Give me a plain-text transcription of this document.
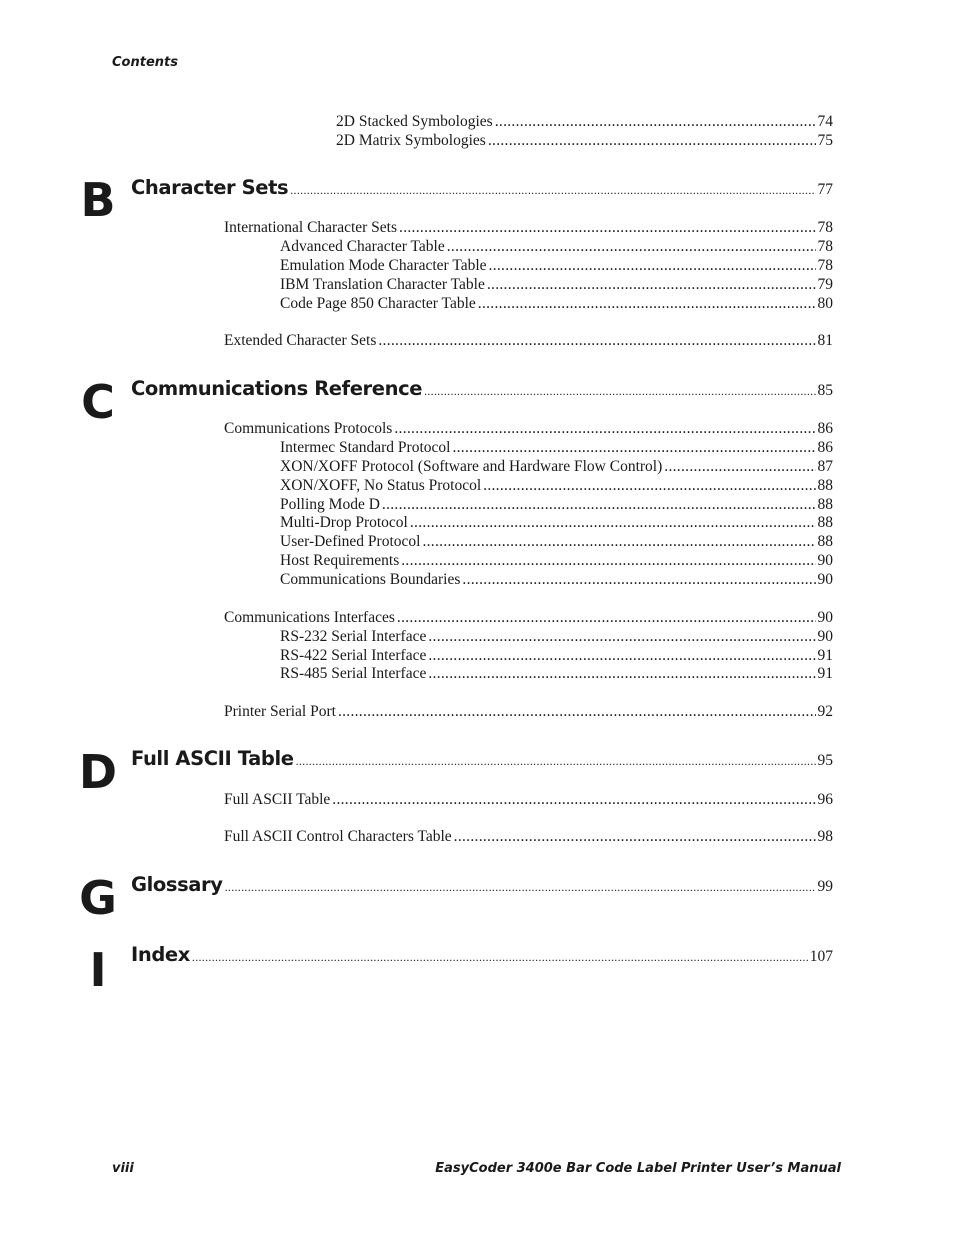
Contents
2D Stacked Symbologies .....	74
2D Matrix Symbologies .....	75
B Character Sets .....	77
International Character Sets .....	78
Advanced Character Table .....	78
Emulation Mode Character Table .....	78
IBM Translation Character Table .....	79
Code Page 850 Character Table .....	80
Extended Character Sets .....	81
C Communications Reference .....	85
Communications Protocols .....	86
Intermec Standard Protocol .....	86
XON/XOFF Protocol (Software and Hardware Flow Control) .....	87
XON/XOFF, No Status Protocol .....	88
Polling Mode D .....	88
Multi-Drop Protocol .....	88
User-Defined Protocol .....	88
Host Requirements .....	90
Communications Boundaries .....	90
Communications Interfaces .....	90
RS-232 Serial Interface .....	90
RS-422 Serial Interface .....	91
RS-485 Serial Interface .....	91
Printer Serial Port .....	92
D Full ASCII Table .....	95
Full ASCII Table .....	96
Full ASCII Control Characters Table .....	98
G Glossary .....	99
I	Index .....	107
viii	EasyCoder 3400e Bar Code Label Printer User’s Manual
